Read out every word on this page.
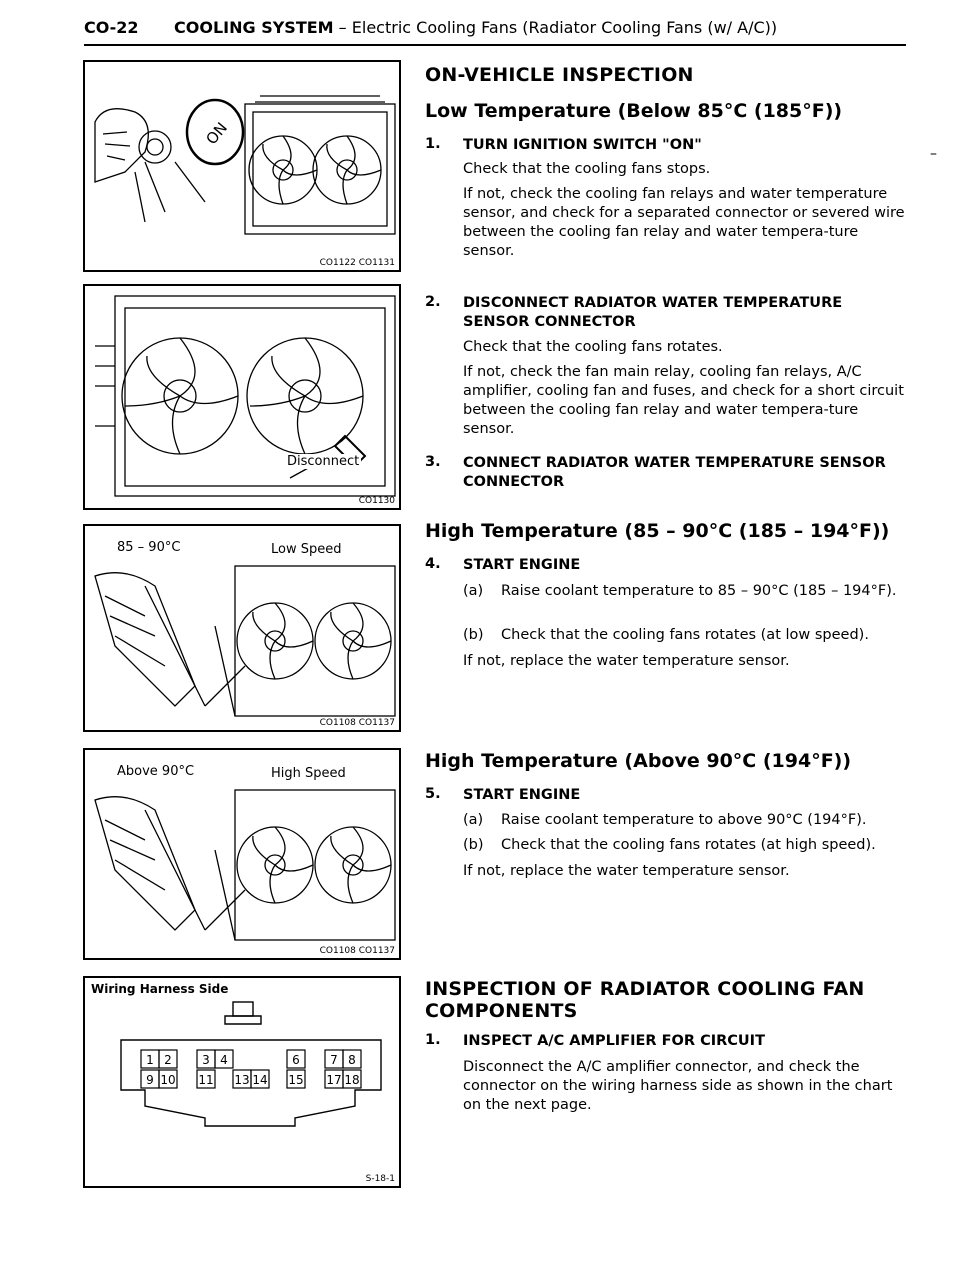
CO-22 COOLING SYSTEM – Electric Cooling Fans (Radiator Cooling Fans (w/ A/C))
ON
CO1122 CO1131
Disconnect
CO1130
85 – 90°C	Low Speed
CO1108 CO1137
Above 90°C	High Speed
CO1108 CO1137
Wiring Harness Side
1 2	3 4	6	7 8
9 10 11 13 14 15 17 18
S-18-1
ON-VEHICLE INSPECTION
Low Temperature (Below 85°C (185°F))
1. TURN IGNITION SWITCH "ON"
Check that the cooling fans stops.
If not, check the cooling fan relays and water temperature sensor, and check for a separated connector or severed wire between the cooling fan relay and water tempera-ture sensor.
–
2. DISCONNECT RADIATOR WATER TEMPERATURE SENSOR CONNECTOR
Check that the cooling fans rotates.
If not, check the fan main relay, cooling fan relays, A/C amplifier, cooling fan and fuses, and check for a short circuit between the cooling fan relay and water tempera-ture sensor.
3. CONNECT RADIATOR WATER TEMPERATURE SENSOR CONNECTOR
High Temperature (85 – 90°C (185 – 194°F))
4. START ENGINE
(a) Raise coolant temperature to 85 – 90°C (185 – 194°F).
(b) Check that the cooling fans rotates (at low speed).
If not, replace the water temperature sensor.
High Temperature (Above 90°C (194°F))
5. START ENGINE
(a) Raise coolant temperature to above 90°C (194°F).
(b) Check that the cooling fans rotates (at high speed).
If not, replace the water temperature sensor.
INSPECTION OF RADIATOR COOLING FAN COMPONENTS
1. INSPECT A/C AMPLIFIER FOR CIRCUIT
Disconnect the A/C amplifier connector, and check the connector on the wiring harness side as shown in the chart on the next page.
